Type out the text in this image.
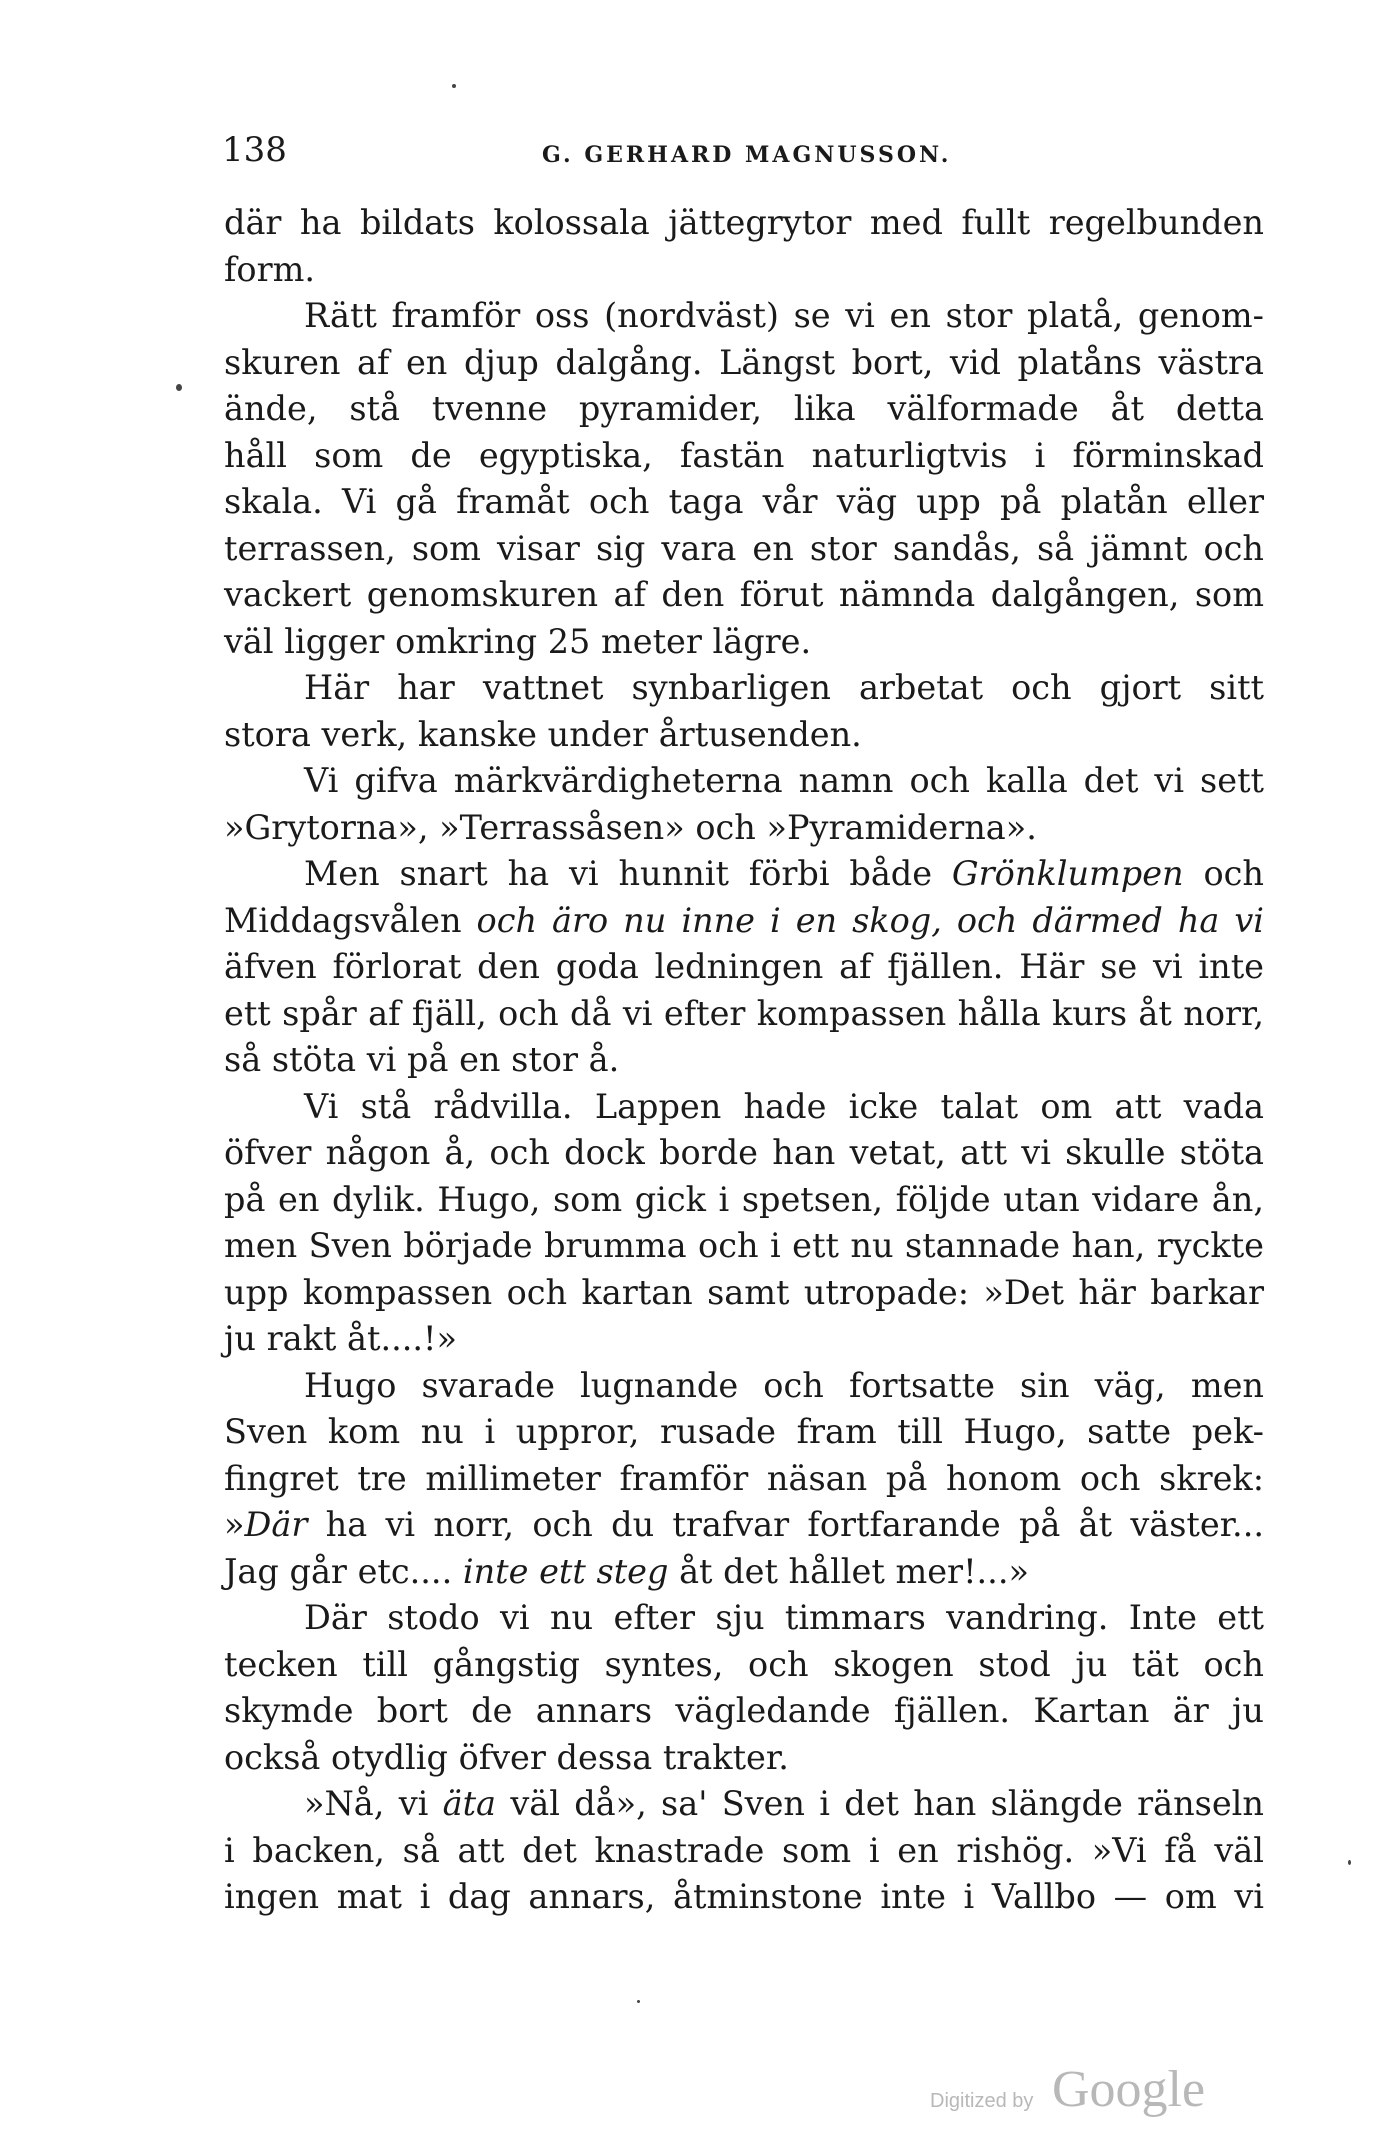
138	G. GERHARD MAGNUSSON.
där ha bildats kolossala jättegrytor med fullt regelbunden
form.
Rätt framför oss (nordväst) se vi en stor platå, genom-
skuren af en djup dalgång. Längst bort, vid platåns västra
ände, stå tvenne pyramider, lika välformade åt detta
håll som de egyptiska, fastän naturligtvis i förminskad
skala. Vi gå framåt och taga vår väg upp på platån eller
terrassen, som visar sig vara en stor sandås, så jämnt och
vackert genomskuren af den förut nämnda dalgången, som
väl ligger omkring 25 meter lägre.
Här har vattnet synbarligen arbetat och gjort sitt
stora verk, kanske under årtusenden.
Vi gifva märkvärdigheterna namn och kalla det vi sett
»Grytorna», »Terrassåsen» och »Pyramiderna».
Men snart ha vi hunnit förbi både Grönklumpen och
Middagsvålen och äro nu inne i en skog, och därmed ha vi
äfven förlorat den goda ledningen af fjällen. Här se vi inte
ett spår af fjäll, och då vi efter kompassen hålla kurs åt norr,
så stöta vi på en stor å.
Vi stå rådvilla. Lappen hade icke talat om att vada
öfver någon å, och dock borde han vetat, att vi skulle stöta
på en dylik. Hugo, som gick i spetsen, följde utan vidare ån,
men Sven började brumma och i ett nu stannade han, ryckte
upp kompassen och kartan samt utropade: »Det här barkar
ju rakt åt....!»
Hugo svarade lugnande och fortsatte sin väg, men
Sven kom nu i uppror, rusade fram till Hugo, satte pek-
fingret tre millimeter framför näsan på honom och skrek:
»Där ha vi norr, och du trafvar fortfarande på åt väster...
Jag går etc.... inte ett steg åt det hållet mer!...»
Där stodo vi nu efter sju timmars vandring. Inte ett
tecken till gångstig syntes, och skogen stod ju tät och
skymde bort de annars vägledande fjällen. Kartan är ju
också otydlig öfver dessa trakter.
»Nå, vi äta väl då», sa' Sven i det han slängde ränseln
i backen, så att det knastrade som i en rishög. »Vi få väl
ingen mat i dag annars, åtminstone inte i Vallbo — om vi
Digitized by Google
